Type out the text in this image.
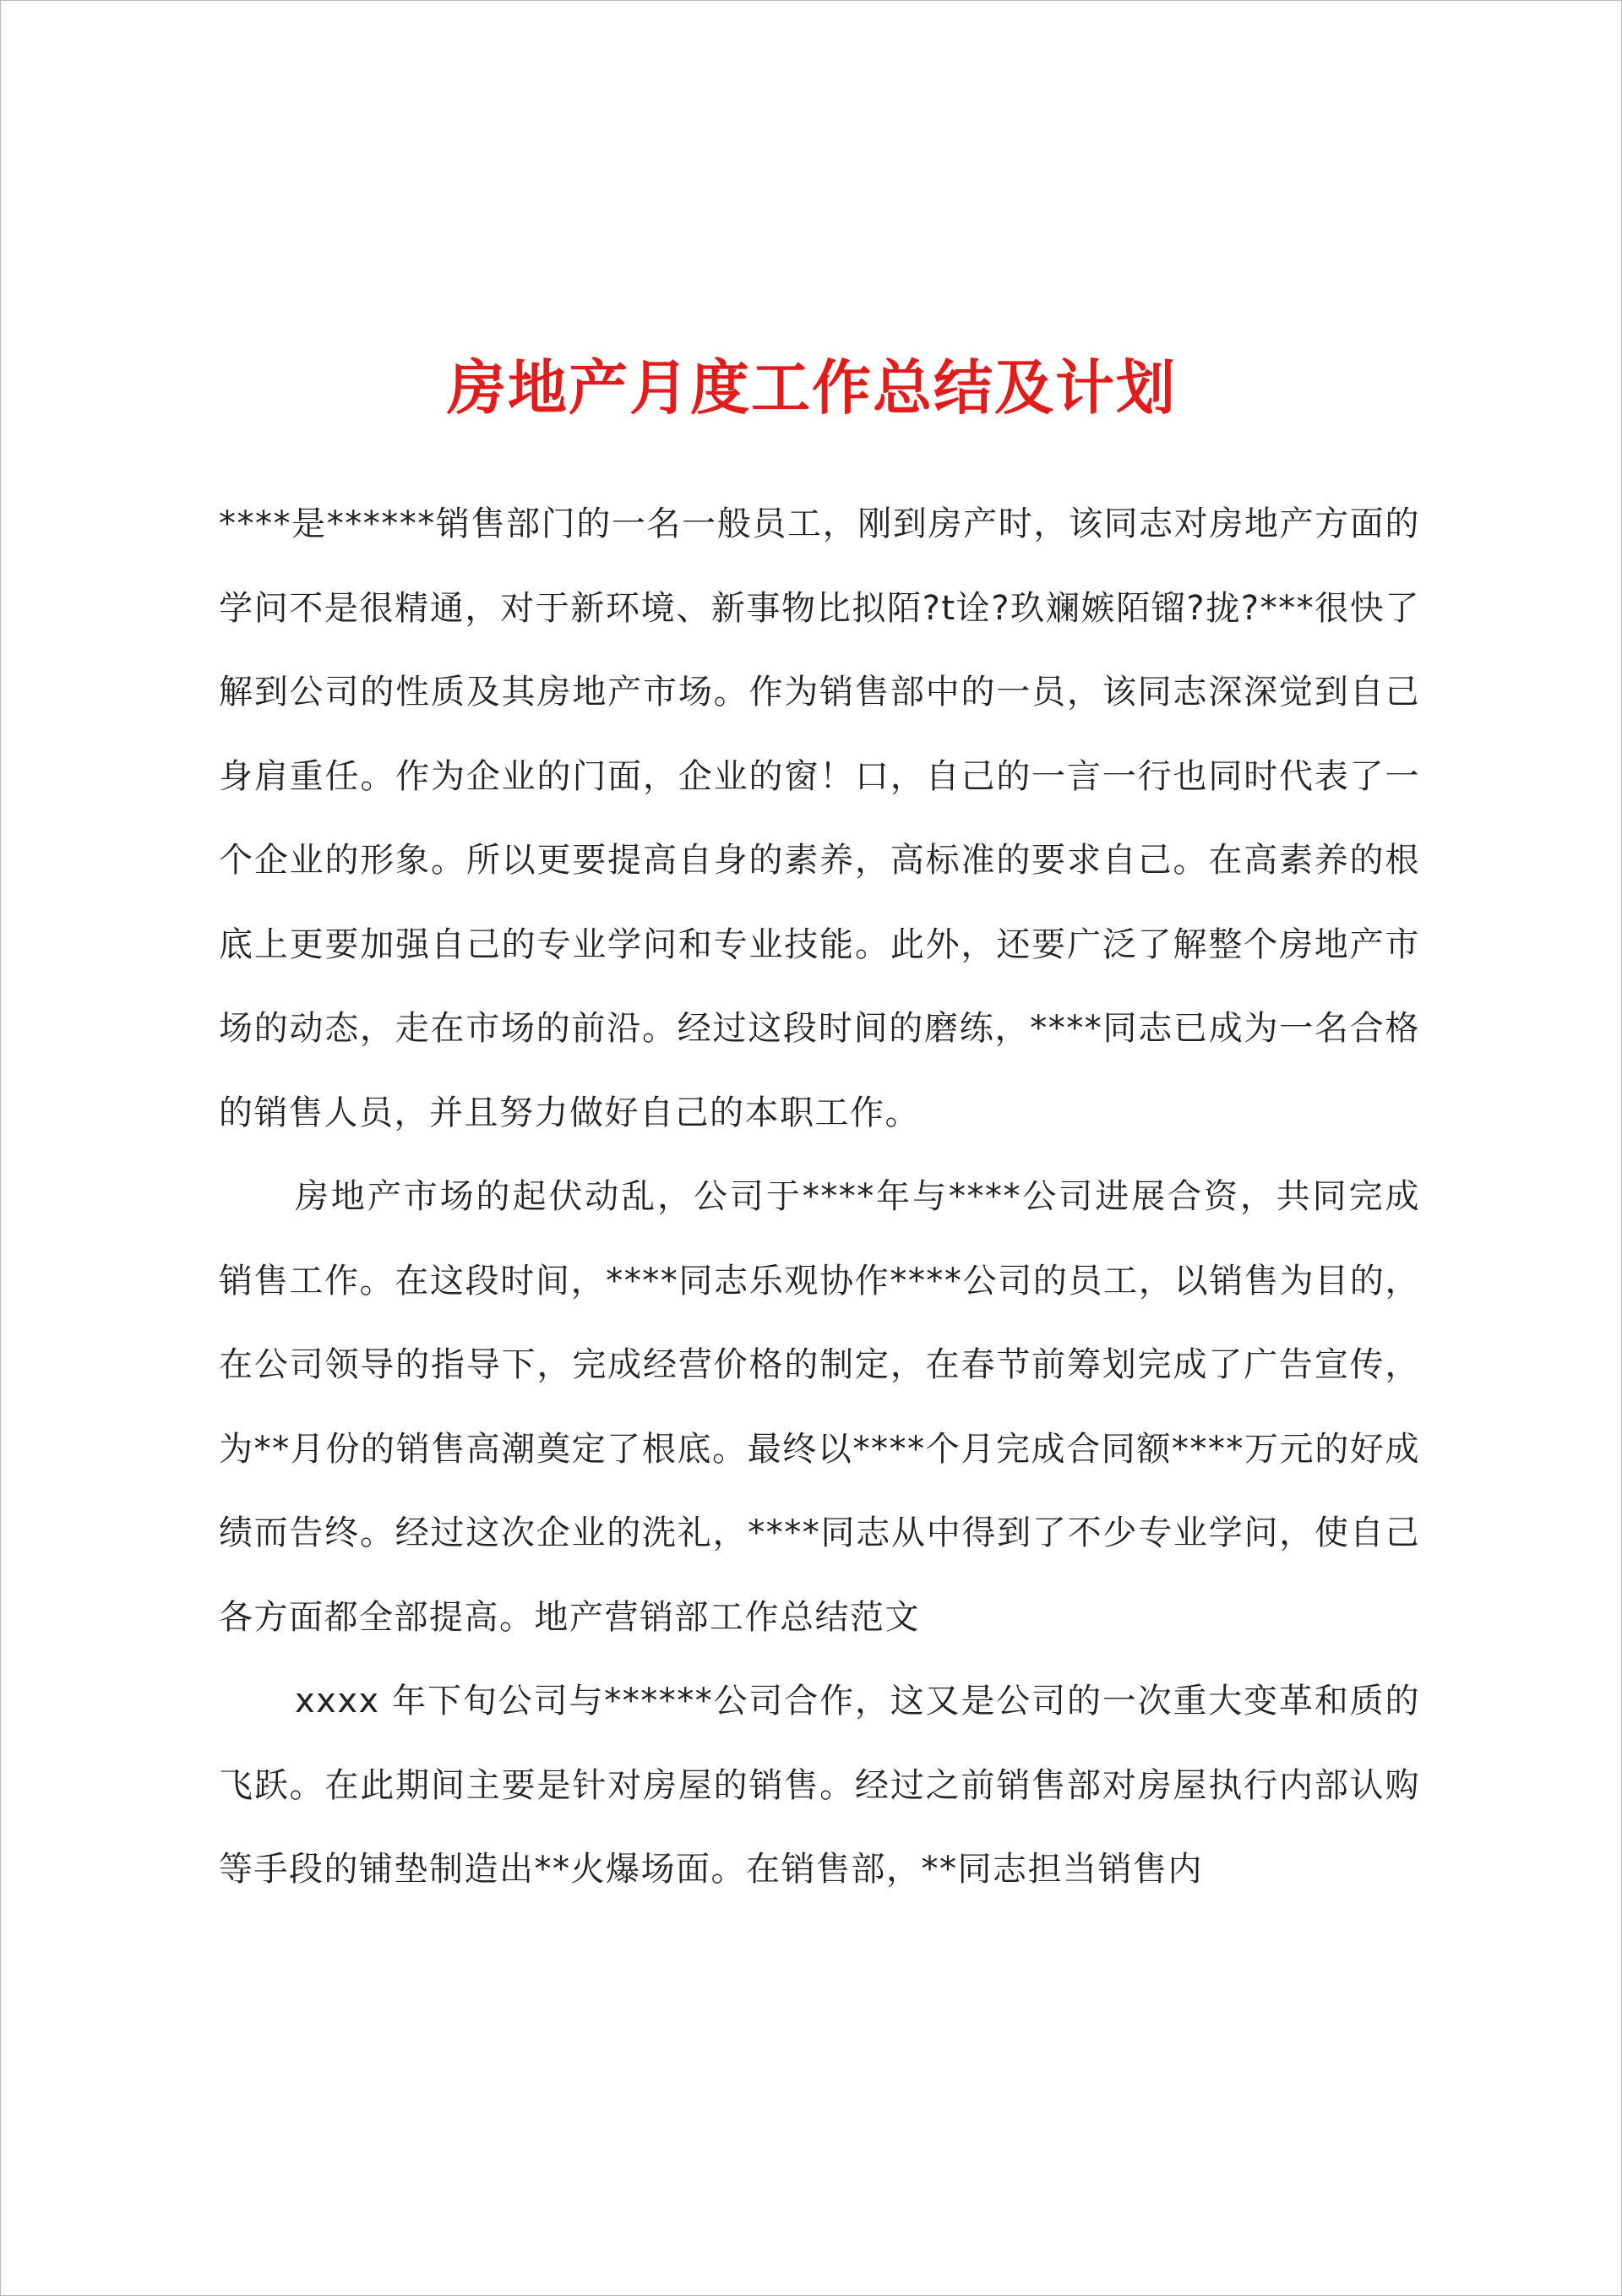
房地产月度工作总结及计划

****是******销售部门的一名一般员工，刚到房产时，该同志对房地产方面的学问不是很精通，对于新环境、新事物比拟陌?t诠?玖斓嫉陌镏?拢?***很快了解到公司的性质及其房地产市场。作为销售部中的一员，该同志深深觉到自己身肩重任。作为企业的门面，企业的窗！口，自己的一言一行也同时代表了一个企业的形象。所以更要提高自身的素养，高标准的要求自己。在高素养的根底上更要加强自己的专业学问和专业技能。此外，还要广泛了解整个房地产市场的动态，走在市场的前沿。经过这段时间的磨练，****同志已成为一名合格的销售人员，并且努力做好自己的本职工作。

房地产市场的起伏动乱，公司于****年与****公司进展合资，共同完成销售工作。在这段时间，****同志乐观协作****公司的员工，以销售为目的，在公司领导的指导下，完成经营价格的制定，在春节前筹划完成了广告宣传，为**月份的销售高潮奠定了根底。最终以****个月完成合同额****万元的好成绩而告终。经过这次企业的洗礼，****同志从中得到了不少专业学问，使自己各方面都全部提高。地产营销部工作总结范文

xxxx 年下旬公司与******公司合作，这又是公司的一次重大变革和质的飞跃。在此期间主要是针对房屋的销售。经过之前销售部对房屋执行内部认购等手段的铺垫制造出**火爆场面。在销售部，**同志担当销售内
